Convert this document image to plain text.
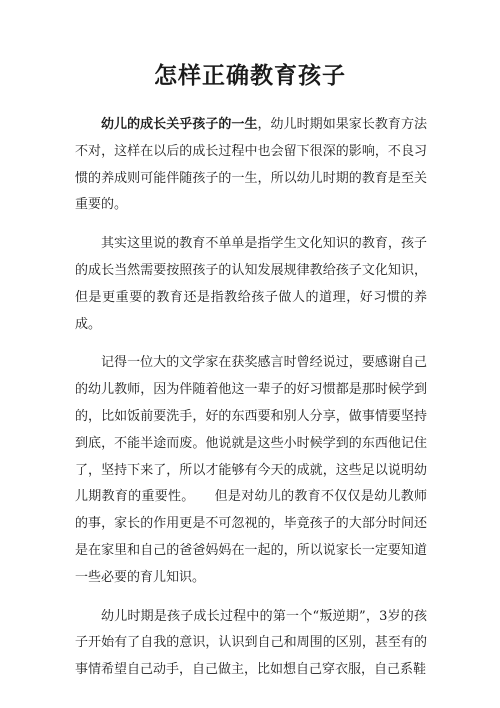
怎样正确教育孩子

幼儿的成长关乎孩子的一生，幼儿时期如果家长教育方法不对，这样在以后的成长过程中也会留下很深的影响，不良习惯的养成则可能伴随孩子的一生，所以幼儿时期的教育是至关重要的。

其实这里说的教育不单单是指学生文化知识的教育，孩子的成长当然需要按照孩子的认知发展规律教给孩子文化知识，但是更重要的教育还是指教给孩子做人的道理，好习惯的养成。

记得一位大的文学家在获奖感言时曾经说过，要感谢自己的幼儿教师，因为伴随着他这一辈子的好习惯都是那时候学到的，比如饭前要洗手，好的东西要和别人分享，做事情要坚持到底，不能半途而废。他说就是这些小时候学到的东西他记住了，坚持下来了，所以才能够有今天的成就，这些足以说明幼儿期教育的重要性。　　但是对幼儿的教育不仅仅是幼儿教师的事，家长的作用更是不可忽视的，毕竟孩子的大部分时间还是在家里和自己的爸爸妈妈在一起的，所以说家长一定要知道一些必要的育儿知识。

幼儿时期是孩子成长过程中的第一个“叛逆期”，3岁的孩子开始有了自我的意识，认识到自己和周围的区别，甚至有的事情希望自己动手，自己做主，比如想自己穿衣服，自己系鞋
